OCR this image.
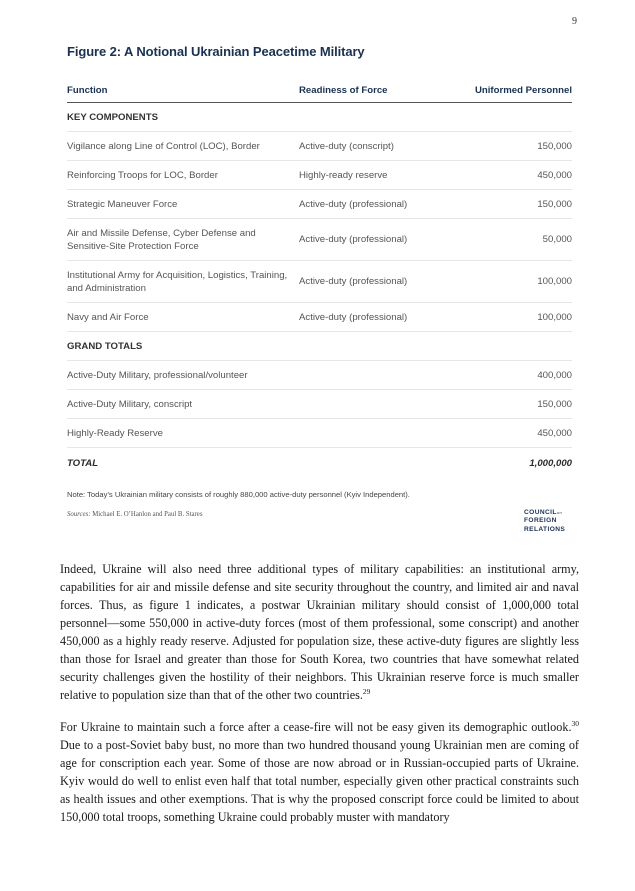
9
Figure 2: A Notional Ukrainian Peacetime Military
Function	Readiness of Force	Uniformed Personnel
KEY COMPONENTS		
Vigilance along Line of Control (LOC), Border	Active-duty (conscript)	150,000
Reinforcing Troops for LOC, Border	Highly-ready reserve	450,000
Strategic Maneuver Force	Active-duty (professional)	150,000
Air and Missile Defense, Cyber Defense and Sensitive-Site Protection Force	Active-duty (professional)	50,000
Institutional Army for Acquisition, Logistics, Training, and Administration	Active-duty (professional)	100,000
Navy and Air Force	Active-duty (professional)	100,000
GRAND TOTALS		
Active-Duty Military, professional/volunteer		400,000
Active-Duty Military, conscript		150,000
Highly-Ready Reserve		450,000
TOTAL		1,000,000
Note: Today’s Ukrainian military consists of roughly 880,000 active-duty personnel (Kyiv Independent).
Sources: Michael E. O’Hanlon and Paul B. Stares	COUNCILon
FOREIGN
RELATIONS

Indeed, Ukraine will also need three additional types of military capabilities: an institutional army, capabilities for air and missile defense and site security throughout the country, and limited air and naval forces. Thus, as figure 1 indicates, a postwar Ukrainian military should consist of 1,000,000 total personnel—some 550,000 in active-duty forces (most of them professional, some conscript) and another 450,000 as a highly ready reserve. Adjusted for population size, these active-duty figures are slightly less than those for Israel and greater than those for South Korea, two countries that have somewhat related security challenges given the hostility of their neighbors. This Ukrainian reserve force is much smaller relative to population size than that of the other two countries.$^{29}$

For Ukraine to maintain such a force after a cease-fire will not be easy given its demographic outlook.$^{30}$ Due to a post-Soviet baby bust, no more than two hundred thousand young Ukrainian men are coming of age for conscription each year. Some of those are now abroad or in Russian-occupied parts of Ukraine. Kyiv would do well to enlist even half that total number, especially given other practical constraints such as health issues and other exemptions. That is why the proposed conscript force could be limited to about 150,000 total troops, something Ukraine could probably muster with mandatory
